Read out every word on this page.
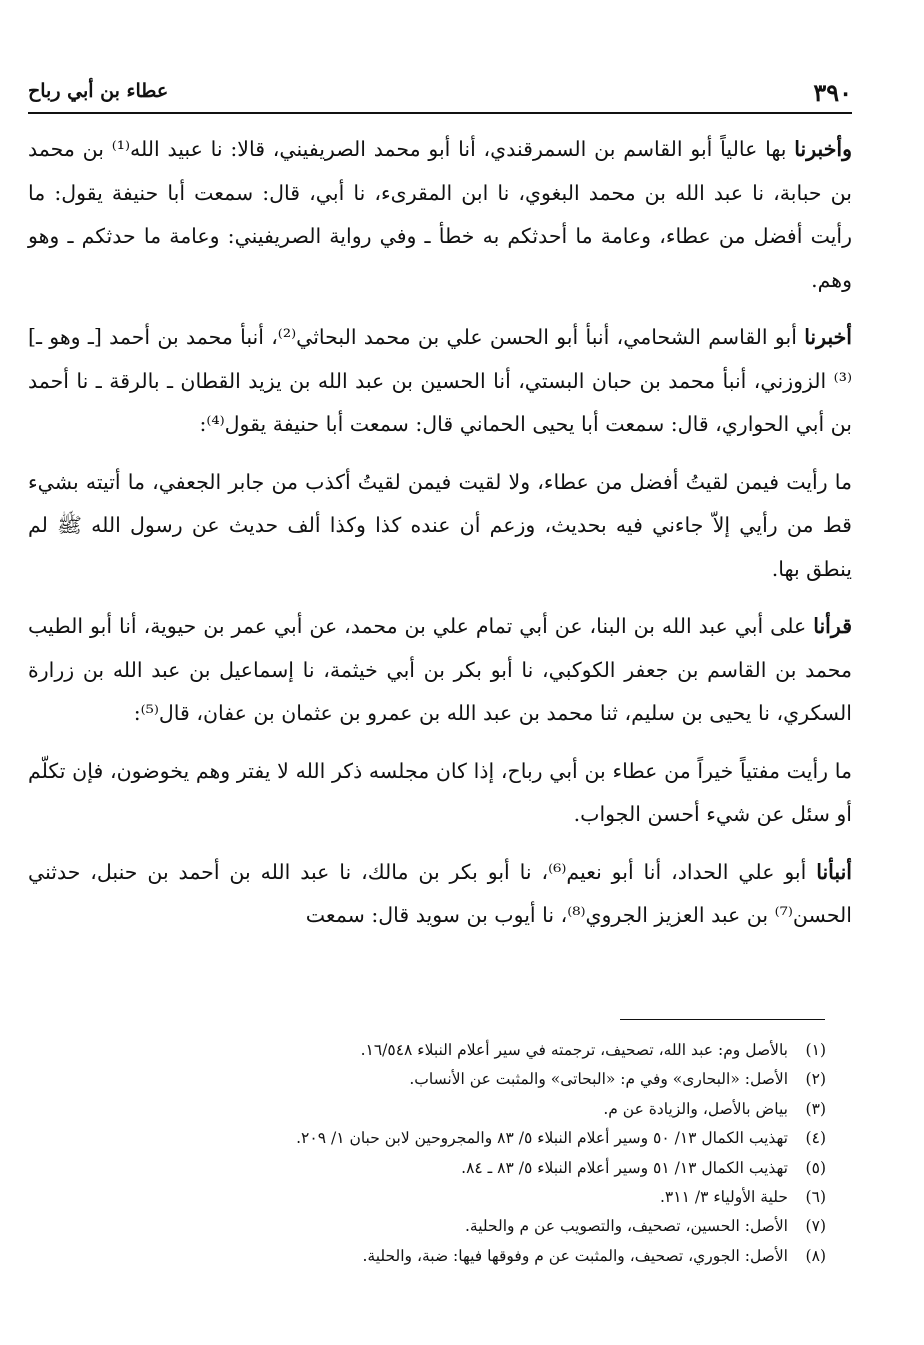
٣٩٠
عطاء بن أبي رباح

وأخبرنا بها عالياً أبو القاسم بن السمرقندي، أنا أبو محمد الصريفيني، قالا: نا عبيد الله⁽¹⁾ بن محمد بن حبابة، نا عبد الله بن محمد البغوي، نا ابن المقرىء، نا أبي، قال: سمعت أبا حنيفة يقول: ما رأيت أفضل من عطاء، وعامة ما أحدثكم به خطأ ـ وفي رواية الصريفيني: وعامة ما حدثكم ـ وهو وهم.

أخبرنا أبو القاسم الشحامي، أنبأ أبو الحسن علي بن محمد البحاثي⁽²⁾، أنبأ محمد بن أحمد [ـ وهو ـ]⁽³⁾ الزوزني، أنبأ محمد بن حبان البستي، أنا الحسين بن عبد الله بن يزيد القطان ـ بالرقة ـ نا أحمد بن أبي الحواري، قال: سمعت أبا يحيى الحماني قال: سمعت أبا حنيفة يقول⁽⁴⁾:

ما رأيت فيمن لقيتُ أفضل من عطاء، ولا لقيت فيمن لقيتُ أكذب من جابر الجعفي، ما أتيته بشيء قط من رأيي إلاّ جاءني فيه بحديث، وزعم أن عنده كذا وكذا ألف حديث عن رسول الله ﷺ لم ينطق بها.

قرأنا على أبي عبد الله بن البنا، عن أبي تمام علي بن محمد، عن أبي عمر بن حيوية، أنا أبو الطيب محمد بن القاسم بن جعفر الكوكبي، نا أبو بكر بن أبي خيثمة، نا إسماعيل بن عبد الله بن زرارة السكري، نا يحيى بن سليم، ثنا محمد بن عبد الله بن عمرو بن عثمان بن عفان، قال⁽⁵⁾:

ما رأيت مفتياً خيراً من عطاء بن أبي رباح، إذا كان مجلسه ذكر الله لا يفتر وهم يخوضون، فإن تكلّم أو سئل عن شيء أحسن الجواب.

أنبأنا أبو علي الحداد، أنا أبو نعيم⁽⁶⁾، نا أبو بكر بن مالك، نا عبد الله بن أحمد بن حنبل، حدثني الحسن⁽⁷⁾ بن عبد العزيز الجروي⁽⁸⁾، نا أيوب بن سويد قال: سمعت

(١)
بالأصل وم: عبد الله، تصحيف، ترجمته في سير أعلام النبلاء ١٦/٥٤٨.
(٢)
الأصل: «البحارى» وفي م: «البحاتى» والمثبت عن الأنساب.
(٣)
بياض بالأصل، والزيادة عن م.
(٤)
تهذيب الكمال ١٣/ ٥٠ وسير أعلام النبلاء ٥/ ٨٣ والمجروحين لابن حبان ١/ ٢٠٩.
(٥)
تهذيب الكمال ١٣/ ٥١ وسير أعلام النبلاء ٥/ ٨٣ ـ ٨٤.
(٦)
حلية الأولياء ٣/ ٣١١.
(٧)
الأصل: الحسين، تصحيف، والتصويب عن م والحلية.
(٨)
الأصل: الجوري، تصحيف، والمثبت عن م وفوقها فيها: ضبة، والحلية.
